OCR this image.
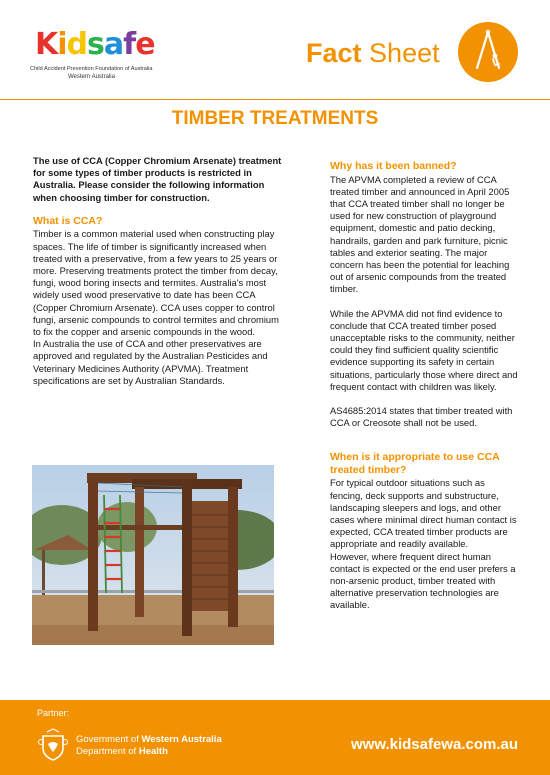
Kidsafe
Child Accident Prevention Foundation of Australia
Western Australia
Fact Sheet
TIMBER TREATMENTS
The use of CCA (Copper Chromium Arsenate) treatment for some types of timber products is restricted in Australia. Please consider the following information when choosing timber for construction.
What is CCA?
Timber is a common material used when constructing play spaces. The life of timber is significantly increased when treated with a preservative, from a few years to 25 years or more. Preserving treatments protect the timber from decay, fungi, wood boring insects and termites. Australia's most widely used wood preservative to date has been CCA (Copper Chromium Arsenate). CCA uses copper to control fungi, arsenic compounds to control termites and chromium to fix the copper and arsenic compounds in the wood.
In Australia the use of CCA and other preservatives are approved and regulated by the Australian Pesticides and Veterinary Medicines Authority (APVMA). Treatment specifications are set by Australian Standards.
Why has it been banned?
The APVMA completed a review of CCA treated timber and announced in April 2005 that CCA treated timber shall no longer be used for new construction of playground equipment, domestic and patio decking, handrails, garden and park furniture, picnic tables and exterior seating. The major concern has been the potential for leaching out of arsenic compounds from the treated timber.
While the APVMA did not find evidence to conclude that CCA treated timber posed unacceptable risks to the community, neither could they find sufficient quality scientific evidence supporting its safety in certain situations, particularly those where direct and frequent contact with children was likely.
AS4685:2014 states that timber treated with CCA or Creosote shall not be used.
When is it appropriate to use CCA treated timber?
For typical outdoor situations such as fencing, deck supports and substructure, landscaping sleepers and logs, and other cases where minimal direct human contact is expected, CCA treated timber products are appropriate and readily available.
However, where frequent direct human contact is expected or the end user prefers a non-arsenic product, timber treated with alternative preservation technologies are available.
Partner:
Government of Western Australia
Department of Health	www.kidsafewa.com.au
